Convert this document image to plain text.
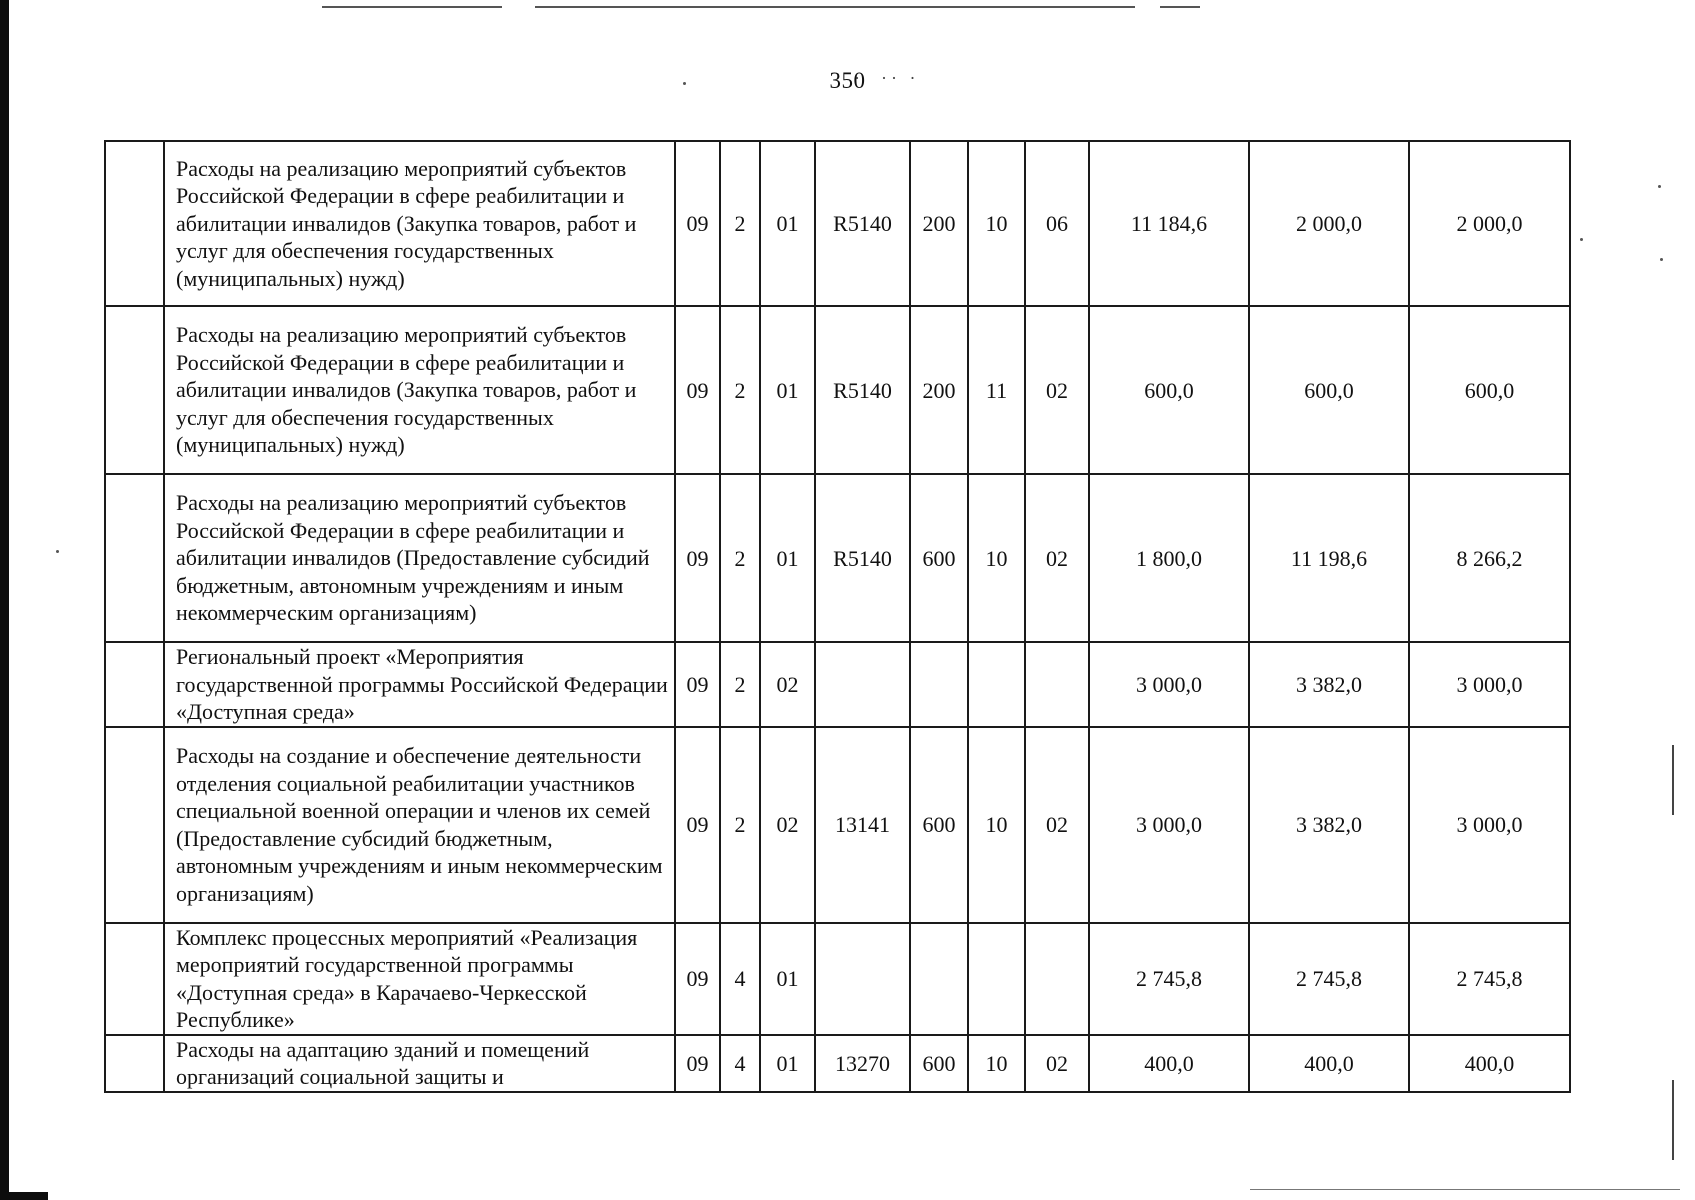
350
·  ·· ·
	Расходы на реализацию мероприятий субъектов Российской Федерации в сфере реабилитации и абилитации инвалидов (Закупка товаров, работ и услуг для обеспечения государственных (муниципальных) нужд)	09	2	01	R5140	200	10	06	11 184,6	2 000,0	2 000,0
	Расходы на реализацию мероприятий субъектов Российской Федерации в сфере реабилитации и абилитации инвалидов (Закупка товаров, работ и услуг для обеспечения государственных (муниципальных) нужд)	09	2	01	R5140	200	11	02	600,0	600,0	600,0
	Расходы на реализацию мероприятий субъектов Российской Федерации в сфере реабилитации и абилитации инвалидов (Предоставление субсидий бюджетным, автономным учреждениям и иным некоммерческим организациям)	09	2	01	R5140	600	10	02	1 800,0	11 198,6	8 266,2
	Региональный проект «Мероприятия государственной программы Российской Федерации «Доступная среда»	09	2	02					3 000,0	3 382,0	3 000,0
	Расходы на создание и обеспечение деятельности отделения социальной реабилитации участников специальной военной операции и членов их семей (Предоставление субсидий бюджетным, автономным учреждениям и иным некоммерческим организациям)	09	2	02	13141	600	10	02	3 000,0	3 382,0	3 000,0
	Комплекс процессных мероприятий «Реализация мероприятий государственной программы «Доступная среда» в Карачаево-Черкесской Республике»	09	4	01					2 745,8	2 745,8	2 745,8
	Расходы на адаптацию зданий и помещений организаций социальной защиты и	09	4	01	13270	600	10	02	400,0	400,0	400,0
